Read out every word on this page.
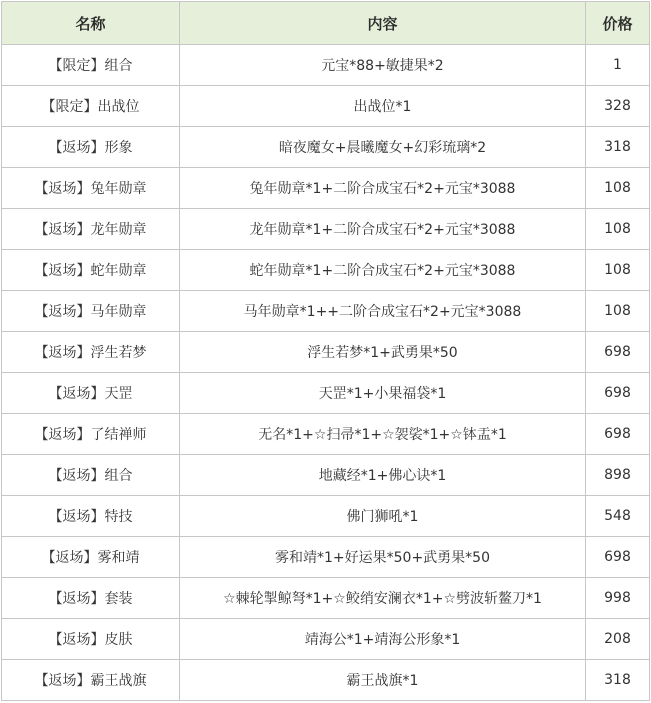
名称	内容	价格
【限定】组合	元宝*88+敏捷果*2	1
【限定】出战位	出战位*1	328
【返场】形象	暗夜魔女+晨曦魔女+幻彩琉璃*2	318
【返场】兔年勋章	兔年勋章*1+二阶合成宝石*2+元宝*3088	108
【返场】龙年勋章	龙年勋章*1+二阶合成宝石*2+元宝*3088	108
【返场】蛇年勋章	蛇年勋章*1+二阶合成宝石*2+元宝*3088	108
【返场】马年勋章	马年勋章*1++二阶合成宝石*2+元宝*3088	108
【返场】浮生若梦	浮生若梦*1+武勇果*50	698
【返场】天罡	天罡*1+小果福袋*1	698
【返场】了结禅师	无名*1+☆扫帚*1+☆袈裟*1+☆钵盂*1	698
【返场】组合	地藏经*1+佛心诀*1	898
【返场】特技	佛门狮吼*1	548
【返场】雾和靖	雾和靖*1+好运果*50+武勇果*50	698
【返场】套装	☆棘轮掣鲸弩*1+☆鲛绡安澜衣*1+☆劈波斩鳌刀*1	998
【返场】皮肤	靖海公*1+靖海公形象*1	208
【返场】霸王战旗	霸王战旗*1	318
